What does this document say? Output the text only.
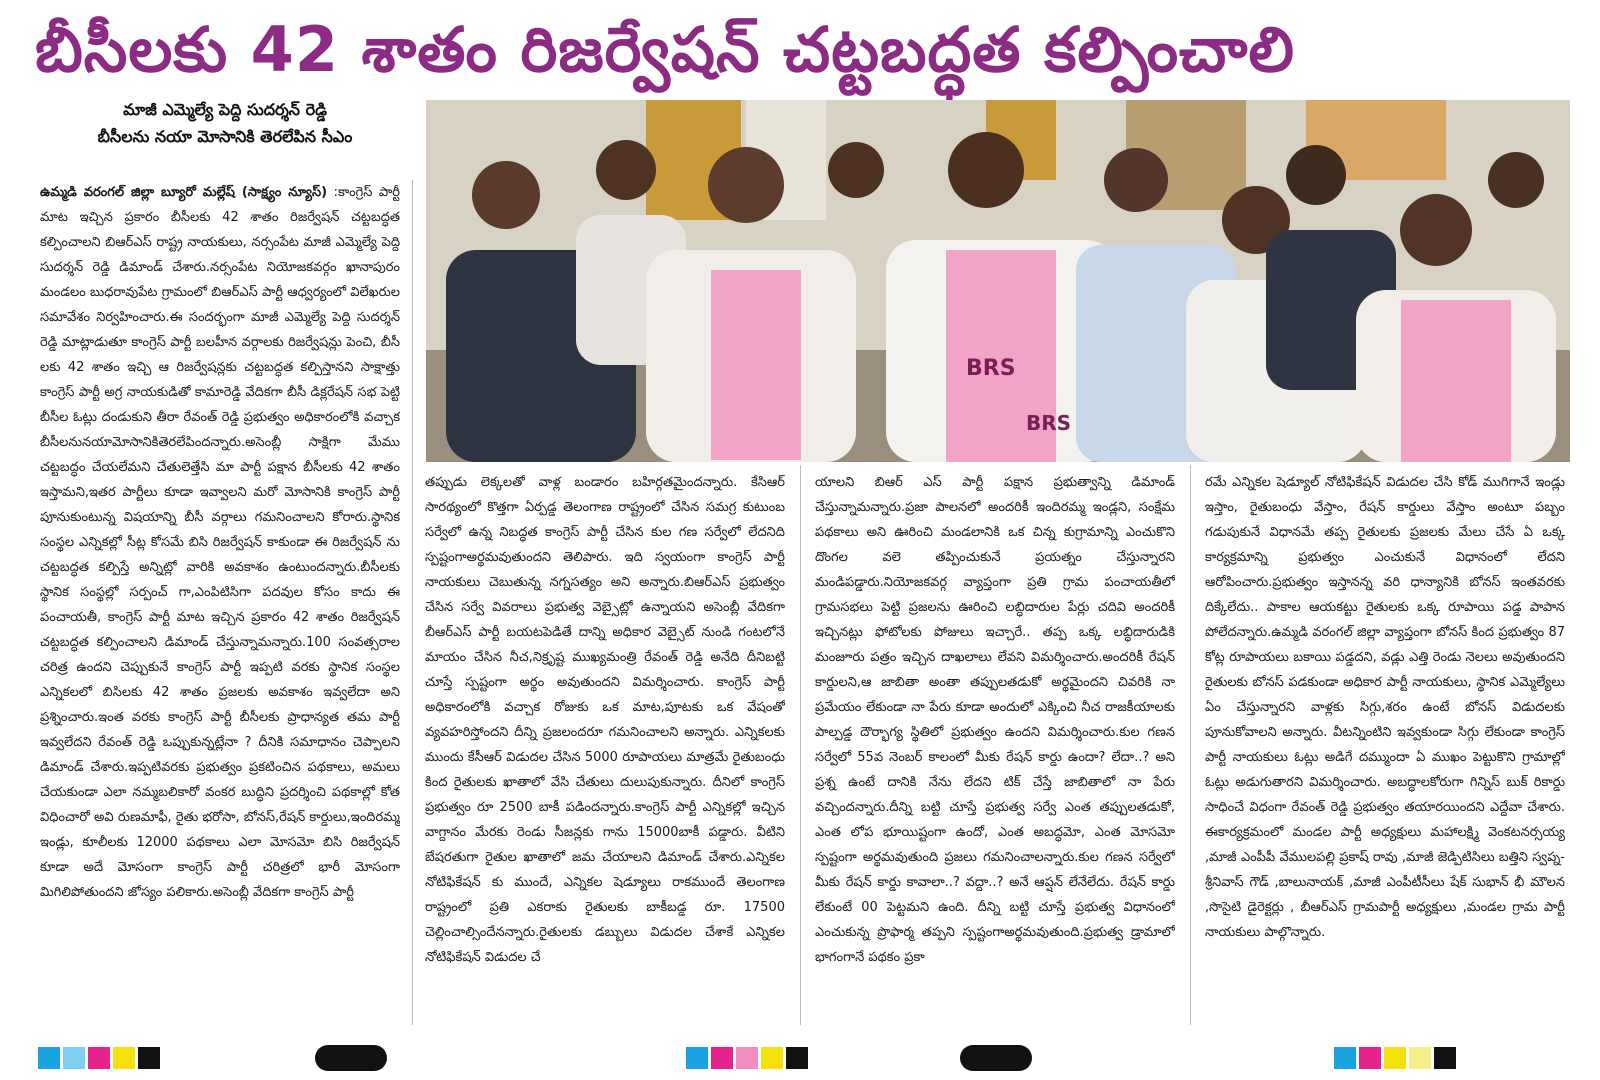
బీసీలకు 42 శాతం రిజర్వేషన్ చట్టబద్ధత కల్పించాలి
మాజీ ఎమ్మెల్యే పెద్ది సుదర్శన్ రెడ్డి
బీసీలను నయా మోసానికి తెరలేపిన సీఎం
BRS
BRS
ఉమ్మడి వరంగల్ జిల్లా బ్యూరో మల్లేష్ (సాక్ష్యం న్యూస్) :కాంగ్రెస్ పార్టీ మాట ఇచ్చిన ప్రకారం బీసీలకు 42 శాతం రిజర్వేషన్ చట్టబద్ధత కల్పించాలని బిఆర్ఎస్ రాష్ట్ర నాయకులు, నర్సంపేట మాజీ ఎమ్మెల్యే పెద్ది సుదర్శన్ రెడ్డి డిమాండ్ చేశారు.నర్సంపేట నియోజకవర్గం ఖానాపురం మండలం బుధరావుపేట గ్రామంలో బిఆర్ఎస్ పార్టీ ఆధ్వర్యంలో విలేఖరుల సమావేశం నిర్వహించారు.ఈ సందర్భంగా మాజీ ఎమ్మెల్యే పెద్ది సుదర్శన్ రెడ్డి మాట్లాడుతూ కాంగ్రెస్ పార్టీ బలహీన వర్గాలకు రిజర్వేషన్లు పెంచి, బీసీ లకు 42 శాతం ఇచ్చి ఆ రిజర్వేషన్లకు చట్టబద్ధత కల్పిస్తానని సాక్షాత్తు కాంగ్రెస్ పార్టీ అగ్ర నాయకుడితో కామారెడ్డి వేదికగా బీసీ డిక్లరేషన్ సభ పెట్టి బీసీల ఓట్లు దండుకుని తీరా రేవంత్ రెడ్డి ప్రభుత్వం అధికారంలోకి వచ్చాక బీసీలనునయామోసానికితెరలేపిందన్నారు.అసెంబ్లీ సాక్షిగా మేము చట్టబద్ధం చేయలేమని చేతులెత్తేసి మా పార్టీ పక్షాన బీసీలకు 42 శాతం ఇస్తామని,ఇతర పార్టీలు కూడా ఇవ్వాలని మరో మోసానికి కాంగ్రెస్ పార్టీ పూనుకుంటున్న విషయాన్ని బీసీ వర్గాలు గమనించాలని కోరారు.స్థానిక సంస్థల ఎన్నికల్లో సీట్ల కోసమే బిసి రిజర్వేషన్ కాకుండా ఈ రిజర్వేషన్ ను చట్టబద్ధత కల్పిస్తే అన్నిట్లో వారికి అవకాశం ఉంటుందన్నారు.బీసీలకు స్థానిక సంస్థల్లో సర్పంచ్ గా,ఎంపిటిసిగా పదవుల కోసం కాదు ఈ పంచాయతీ, కాంగ్రెస్ పార్టీ మాట ఇచ్చిన ప్రకారం 42 శాతం రిజర్వేషన్ చట్టబద్ధత కల్పించాలని డిమాండ్ చేస్తున్నామన్నారు.100 సంవత్సరాల చరిత్ర ఉందని చెప్పుకునే కాంగ్రెస్ పార్టీ ఇప్పటి వరకు స్థానిక సంస్థల ఎన్నికలలో బిసిలకు 42 శాతం ప్రజలకు అవకాశం ఇవ్వలేదా అని ప్రశ్నించారు.ఇంత వరకు కాంగ్రెస్ పార్టీ బీసీలకు ప్రాధాన్యత తమ పార్టీ ఇవ్వలేదని రేవంత్ రెడ్డి ఒప్పుకున్నట్లేనా ? దీనికి సమాధానం చెప్పాలని డిమాండ్ చేశారు.ఇప్పటివరకు ప్రభుత్వం ప్రకటించిన పథకాలు, అమలు చేయకుండా ఎలా నమ్మబలికారో వంకర బుద్ధిని ప్రదర్శించి పథకాల్లో కోత విధించారో అవి రుణమాఫీ, రైతు భరోసా, బోనస్,రేషన్ కార్డులు,ఇందిరమ్మ ఇండ్లు, కూలీలకు 12000 పథకాలు ఎలా మోసమో బిసి రిజర్వేషన్ కూడా అదే మోసంగా కాంగ్రెస్ పార్టీ చరిత్రలో భారీ మోసంగా మిగిలిపోతుందని జోస్యం పలికారు.అసెంబ్లీ వేదికగా కాంగ్రెస్ పార్టీ
తప్పుడు లెక్కలతో వాళ్ల బండారం బహిర్గతమైందన్నారు. కేసిఆర్ సారథ్యంలో కొత్తగా ఏర్పడ్డ తెలంగాణ రాష్ట్రంలో చేసిన సమగ్ర కుటుంబ సర్వేలో ఉన్న నిబద్ధత కాంగ్రెస్ పార్టీ చేసిన కుల గణ సర్వేలో లేదనిది స్పష్టంగాఅర్థమవుతుందని తెలిపారు. ఇది స్వయంగా కాంగ్రెస్ పార్టీ నాయకులు చెబుతున్న నగ్నసత్యం అని అన్నారు.బిఆర్ఎస్ ప్రభుత్వం చేసిన సర్వే వివరాలు ప్రభుత్వ వెబ్సైట్లో ఉన్నాయని అసెంబ్లీ వేదికగా బీఆర్ఎస్ పార్టీ బయటపెడితే దాన్ని అధికార వెబ్సైట్ నుండి గంటలోనే మాయం చేసిన నీచ,నిక్రృష్ట ముఖ్యమంత్రి రేవంత్ రెడ్డి అనేది దీనిబట్టి చూస్తే స్పష్టంగా అర్థం అవుతుందని విమర్శించారు. కాంగ్రెస్ పార్టీ అధికారంలోకి వచ్చాక రోజుకు ఒక మాట,పూటకు ఒక వేషంతో వ్యవహరిస్తోందని దీన్ని ప్రజలందరూ గమనించాలని అన్నారు. ఎన్నికలకు ముందు కేసీఆర్ విడుదల చేసిన 5000 రూపాయలు మాత్రమే రైతుబంధు కింద రైతులకు ఖాతాలో వేసి చేతులు దులుపుకున్నారు. దీనిలో కాంగ్రెస్ ప్రభుత్వం రూ 2500 బాకీ పడిందన్నారు.కాంగ్రెస్ పార్టీ ఎన్నికల్లో ఇచ్చిన వాగ్దానం మేరకు రెండు సీజన్లకు గాను 15000బాకీ పడ్డారు. వీటిని బేషరతుగా రైతుల ఖాతాలో జమ చేయాలని డిమాండ్ చేశారు.ఎన్నికల నోటిఫికేషన్ కు ముందే, ఎన్నికల షెడ్యూలు రాకముందే తెలంగాణ రాష్ట్రంలో ప్రతి ఎకరాకు రైతులకు బాకీబడ్డ రూ. 17500 చెల్లించాల్సిందేనన్నారు.రైతులకు డబ్బులు విడుదల చేశాకే ఎన్నికల నోటిఫికేషన్ విడుదల చే
యాలని బిఆర్ ఎస్ పార్టీ పక్షాన ప్రభుత్వాన్ని డిమాండ్ చేస్తున్నామన్నారు.ప్రజా పాలనలో అందరికీ ఇందిరమ్మ ఇండ్లని, సంక్షేమ పథకాలు అని ఊరించి మండలానికి ఒక చిన్న కుగ్రామాన్ని ఎంచుకొని దొంగల వలె తప్పించుకునే ప్రయత్నం చేస్తున్నారని మండిపడ్డారు.నియోజకవర్గ వ్యాప్తంగా ప్రతి గ్రామ పంచాయతీలో గ్రామసభలు పెట్టి ప్రజలను ఊరించి లబ్ధిదారుల పేర్లు చదివి అందరికీ ఇచ్చినట్లు ఫోటోలకు పోజులు ఇచ్చారే.. తప్ప ఒక్క లబ్ధిదారుడికి మంజూరు పత్రం ఇచ్చిన దాఖలాలు లేవని విమర్శించారు.అందరికీ రేషన్ కార్డులని,ఆ జాబితా అంతా తప్పులతడుకో అర్థమైందని చివరికి నా ప్రమేయం లేకుండా నా పేరు కూడా అందులో ఎక్కించి నీచ రాజకీయాలకు పాల్పడ్డ దౌర్భాగ్య స్థితిలో ప్రభుత్వం ఉందని విమర్శించారు.కుల గణన సర్వేలో 55వ నెంబర్ కాలంలో మీకు రేషన్ కార్డు ఉందా? లేదా..? అని ప్రశ్న ఉంటే దానికి నేను లేదని టిక్ చేస్తే జాబితాలో నా పేరు వచ్చిందన్నారు.దీన్ని బట్టి చూస్తే ప్రభుత్వ సర్వే ఎంత తప్పులతడుకో, ఎంత లోప భూయిష్టంగా ఉందో, ఎంత అబద్ధమో, ఎంత మోసమో స్పష్టంగా అర్థమవుతుంది ప్రజలు గమనించాలన్నారు.కుల గణన సర్వేలో మీకు రేషన్ కార్డు కావాలా..? వద్దా..? అనే ఆప్షన్ లేనేలేదు. రేషన్ కార్డు లేకుంటే 00 పెట్టమని ఉంది. దీన్ని బట్టి చూస్తే ప్రభుత్వ విధానంలో ఎంచుకున్న ప్రొఫార్మ తప్పని స్పష్టంగాఅర్థమవుతుంది.ప్రభుత్వ డ్రామాలో భాగంగానే పథకం ప్రకా
రమే ఎన్నికల షెడ్యూల్ నోటిఫికేషన్ విడుదల చేసి కోడ్ ముగిగానే ఇండ్లు ఇస్తాం, రైతుబంధు వేస్తాం, రేషన్ కార్డులు వేస్తాం అంటూ పబ్బం గడుపుకునే విధానమే తప్ప రైతులకు ప్రజలకు మేలు చేసే ఏ ఒక్క కార్యక్రమాన్ని ప్రభుత్వం ఎంచుకునే విధానంలో లేదని ఆరోపించారు.ప్రభుత్వం ఇస్తానన్న వరి ధాన్యానికి బోనస్ ఇంతవరకు దిక్కేలేదు.. పాకాల ఆయకట్టు రైతులకు ఒక్క రూపాయి పడ్డ పాపాన పోలేదన్నారు.ఉమ్మడి వరంగల్ జిల్లా వ్యాప్తంగా బోనస్ కింద ప్రభుత్వం 87 కోట్ల రూపాయలు బకాయి పడ్డదని, వడ్లు ఎత్తి రెండు నెలలు అవుతుందని రైతులకు బోనస్ పడకుండా అధికార పార్టీ నాయకులు, స్థానిక ఎమ్మెల్యేలు ఏం చేస్తున్నారని వాళ్లకు సిగ్గు,శరం ఉంటే బోనస్ విడుదలకు పూనుకోవాలని అన్నారు. వీటన్నింటిని ఇవ్వకుండా సిగ్గు లేకుండా కాంగ్రెస్ పార్టీ నాయకులు ఓట్లు అడిగే దమ్ముందా ఏ ముఖం పెట్టుకొని గ్రామాల్లో ఓట్లు అడుగుతారని విమర్శించారు. అబద్ధాలకోరుగా గిన్నిస్ బుక్ రికార్డు సాధించే విధంగా రేవంత్ రెడ్డి ప్రభుత్వం తయారయిందని ఎద్దేవా చేశారు. ఈకార్యక్రమంలో మండల పార్టీ అధ్యక్షులు మహాలక్ష్మి వెంకటనర్సయ్య ,మాజీ ఎంపీపీ వేములపల్లి ప్రకాష్ రావు ,మాజీ జెడ్పిటిసిలు బత్తిని స్వప్న-శ్రీనివాస్ గౌడ్ ,బాలునాయక్ ,మాజీ ఎంపీటీసీలు షేక్ సుభాన్ భీ మౌలన ,సొసైటి డైరెక్టర్లు , బీఆర్ఎస్ గ్రామపార్టీ అధ్యక్షులు ,మండల గ్రామ పార్టీ నాయకులు పాల్గొన్నారు.
